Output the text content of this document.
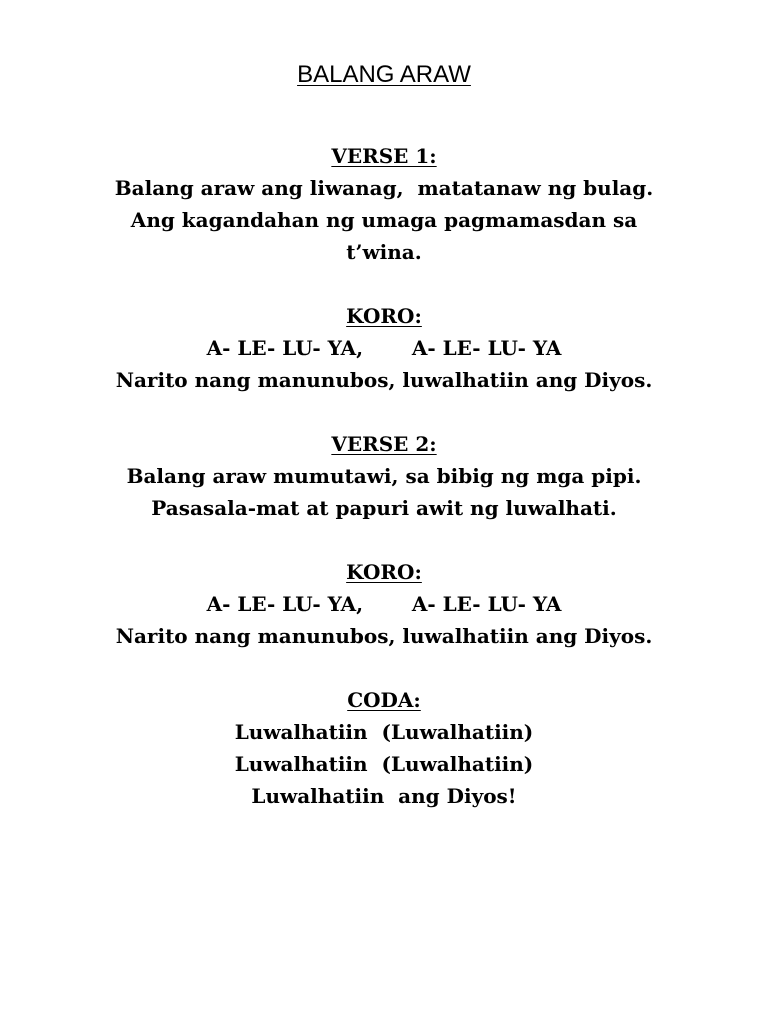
BALANG ARAW
VERSE 1:
Balang araw ang liwanag,  matatanaw ng bulag.
Ang kagandahan ng umaga pagmamasdan sa
t’wina.
KORO:
A- LE- LU- YA,       A- LE- LU- YA
Narito nang manunubos, luwalhatiin ang Diyos.
VERSE 2:
Balang araw mumutawi, sa bibig ng mga pipi.
Pasasala-mat at papuri awit ng luwalhati.
KORO:
A- LE- LU- YA,       A- LE- LU- YA
Narito nang manunubos, luwalhatiin ang Diyos.
CODA:
Luwalhatiin  (Luwalhatiin)
Luwalhatiin  (Luwalhatiin)
Luwalhatiin  ang Diyos!
